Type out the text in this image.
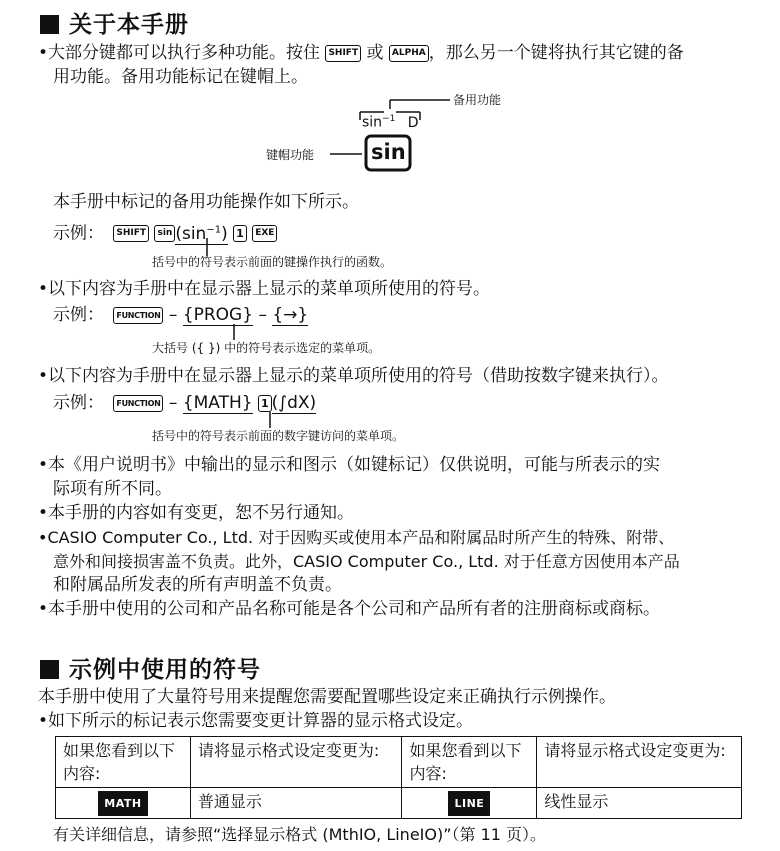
关于本手册
•大部分键都可以执行多种功能。按住 SHIFT 或 ALPHA ，那么另一个键将执行其它键的备
用功能。备用功能标记在键帽上。
备用功能
键帽功能
$\sin^{-1} D$
sin
本手册中标记的备用功能操作如下所示。
示例： SHIFT $\sin (\sin^{-1})$ 1 EXE
括号中的符号表示前面的键操作执行的函数。
•以下内容为手册中在显示器上显示的菜单项所使用的符号。
示例： FUNCTION – {PROG} – {→}
大括号 ({ }) 中的符号表示选定的菜单项。
•以下内容为手册中在显示器上显示的菜单项所使用的符号（借助按数字键来执行）。
示例： FUNCTION – {MATH} 1 (∫dX)
括号中的符号表示前面的数字键访问的菜单项。
•本《用户说明书》中输出的显示和图示（如键标记）仅供说明，可能与所表示的实
际项有所不同。
•本手册的内容如有变更，恕不另行通知。
•CASIO Computer Co., Ltd. 对于因购买或使用本产品和附属品时所产生的特殊、附带、
意外和间接损害盖不负责。此外，CASIO Computer Co., Ltd. 对于任意方因使用本产品
和附属品所发表的所有声明盖不负责。
•本手册中使用的公司和产品名称可能是各个公司和产品所有者的注册商标或商标。
示例中使用的符号
本手册中使用了大量符号用来提醒您需要配置哪些设定来正确执行示例操作。
•如下所示的标记表示您需要变更计算器的显示格式设定。
如果您看到以下内容:	请将显示格式设定变更为:	如果您看到以下内容:	请将显示格式设定变更为:
MATH	普通显示	LINE	线性显示
有关详细信息，请参照“选择显示格式 (MthIO, LineIO)”（第 11 页）。
